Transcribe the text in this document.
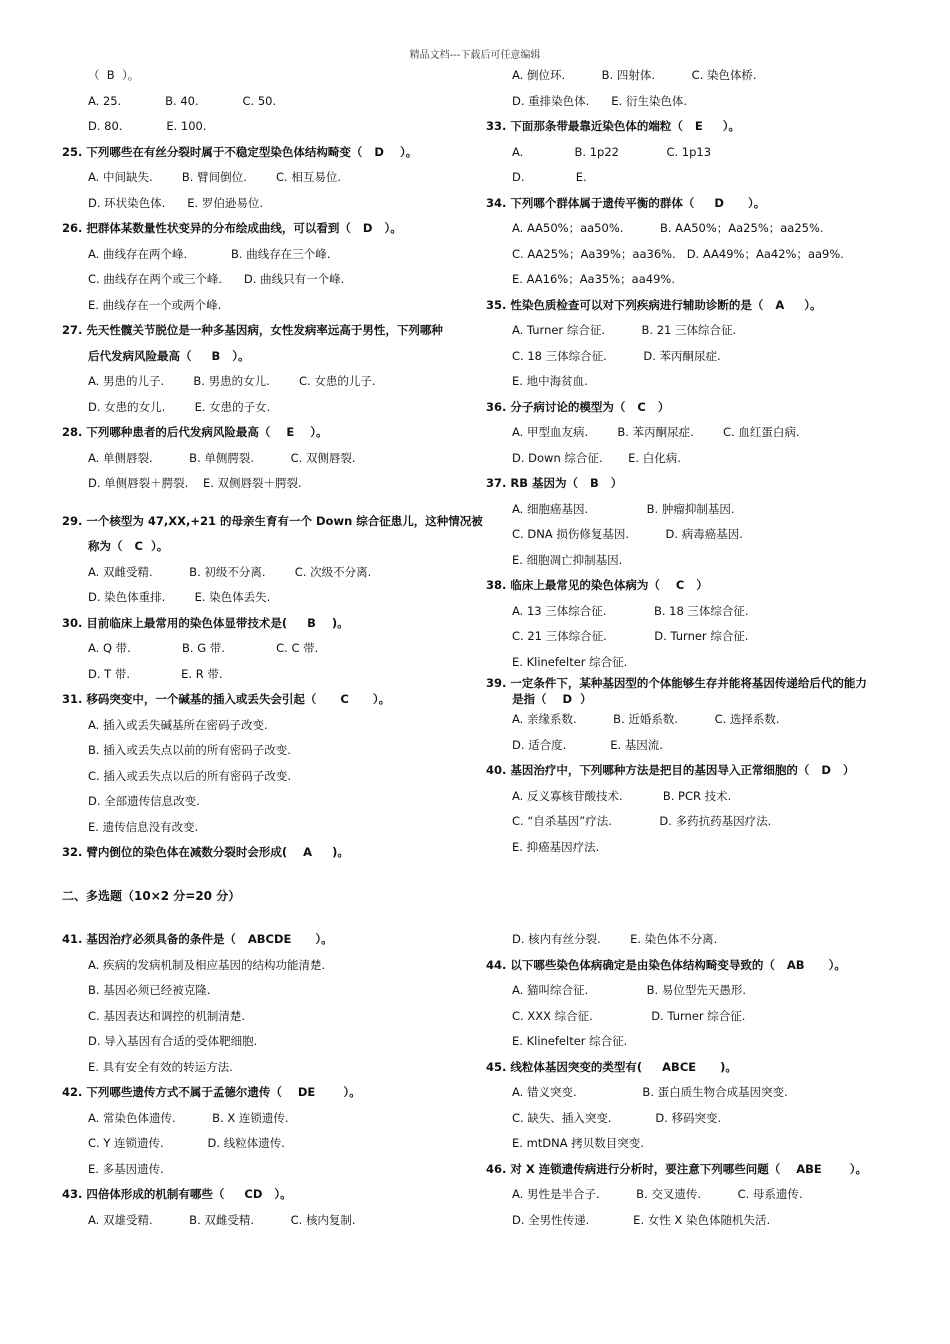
精品文档---下载后可任意编辑
（  B  ）。
A. 25.            B. 40.            C. 50.
D. 80.            E. 100.
25. 下列哪些在有丝分裂时属于不稳定型染色体结构畸变（   D    ）。
A. 中间缺失.        B. 臂间倒位.        C. 相互易位.
D. 环状染色体.      E. 罗伯逊易位.
26. 把群体某数量性状变异的分布绘成曲线，可以看到（   D   ）。
A. 曲线存在两个峰.            B. 曲线存在三个峰.
C. 曲线存在两个或三个峰.      D. 曲线只有一个峰.
E. 曲线存在一个或两个峰.
27. 先天性髋关节脱位是一种多基因病，女性发病率远高于男性，下列哪种
后代发病风险最高（     B   ）。
A. 男患的儿子.        B. 男患的女儿.        C. 女患的儿子.
D. 女患的女儿.        E. 女患的子女.
28. 下列哪种患者的后代发病风险最高（    E    ）。
A. 单侧唇裂.          B. 单侧腭裂.          C. 双侧唇裂.
D. 单侧唇裂＋腭裂.    E. 双侧唇裂＋腭裂.
29. 一个核型为 47,XX,+21 的母亲生育有一个 Down 综合征患儿，这种情况被
称为（   C  ）。
A. 双雌受精.          B. 初级不分离.        C. 次级不分离.
D. 染色体重排.        E. 染色体丢失.
30. 目前临床上最常用的染色体显带技术是(     B    )。
A. Q 带.              B. G 带.              C. C 带.
D. T 带.              E. R 带.
31. 移码突变中，一个碱基的插入或丢失会引起（      C      ）。
A. 插入或丢失碱基所在密码子改变.
B. 插入或丢失点以前的所有密码子改变.
C. 插入或丢失点以后的所有密码子改变.
D. 全部遗传信息改变.
E. 遗传信息没有改变.
32. 臂内倒位的染色体在减数分裂时会形成(    A     )。
A. 倒位环.          B. 四射体.          C. 染色体桥.
D. 重排染色体.      E. 衍生染色体.
33. 下面那条带最靠近染色体的端粒（   E     ）。
A.              B. 1p22             C. 1p13
D.              E.
34. 下列哪个群体属于遗传平衡的群体（     D      ）。
A. AA50%；aa50%.          B. AA50%；Aa25%；aa25%.
C. AA25%；Aa39%；aa36%.   D. AA49%；Aa42%；aa9%.
E. AA16%；Aa35%；aa49%.
35. 性染色质检查可以对下列疾病进行辅助诊断的是（   A     ）。
A. Turner 综合征.          B. 21 三体综合征.
C. 18 三体综合征.          D. 苯丙酮尿症.
E. 地中海贫血.
36. 分子病讨论的模型为（   C   ）
A. 甲型血友病.        B. 苯丙酮尿症.        C. 血红蛋白病.
D. Down 综合征.       E. 白化病.
37. RB 基因为（   B   ）
A. 细胞癌基因.                B. 肿瘤抑制基因.
C. DNA 损伤修复基因.          D. 病毒癌基因.
E. 细胞凋亡抑制基因.
38. 临床上最常见的染色体病为（    C   ）
A. 13 三体综合征.             B. 18 三体综合征.
C. 21 三体综合征.             D. Turner 综合征.
E. Klinefelter 综合征.
39. 一定条件下，某种基因型的个体能够生存并能将基因传递给后代的能力
是指（    D  ）
A. 亲缘系数.          B. 近婚系数.          C. 选择系数.
D. 适合度.            E. 基因流.
40. 基因治疗中，下列哪种方法是把目的基因导入正常细胞的（   D   ）
A. 反义寡核苷酸技术.           B. PCR 技术.
C. “自杀基因”疗法.             D. 多药抗药基因疗法.
E. 抑癌基因疗法.
二、多选题（10×2 分=20 分）
41. 基因治疗必须具备的条件是（   ABCDE      ）。
A. 疾病的发病机制及相应基因的结构功能清楚.
B. 基因必须已经被克隆.
C. 基因表达和调控的机制清楚.
D. 导入基因有合适的受体靶细胞.
E. 具有安全有效的转运方法.
42. 下列哪些遗传方式不属于孟德尔遗传（    DE       ）。
A. 常染色体遗传.          B. X 连锁遗传.
C. Y 连锁遗传.            D. 线粒体遗传.
E. 多基因遗传.
43. 四倍体形成的机制有哪些（     CD   ）。
A. 双雄受精.          B. 双雌受精.          C. 核内复制.
D. 核内有丝分裂.        E. 染色体不分离.
44. 以下哪些染色体病确定是由染色体结构畸变导致的（   AB      ）。
A. 猫叫综合征.                B. 易位型先天愚形.
C. XXX 综合征.                D. Turner 综合征.
E. Klinefelter 综合征.
45. 线粒体基因突变的类型有(     ABCE      )。
A. 错义突变.                  B. 蛋白质生物合成基因突变.
C. 缺失、插入突变.            D. 移码突变.
E. mtDNA 拷贝数目突变.
46. 对 X 连锁遗传病进行分析时，要注意下列哪些问题（    ABE       ）。
A. 男性是半合子.          B. 交叉遗传.          C. 母系遗传.
D. 全男性传递.            E. 女性 X 染色体随机失活.
